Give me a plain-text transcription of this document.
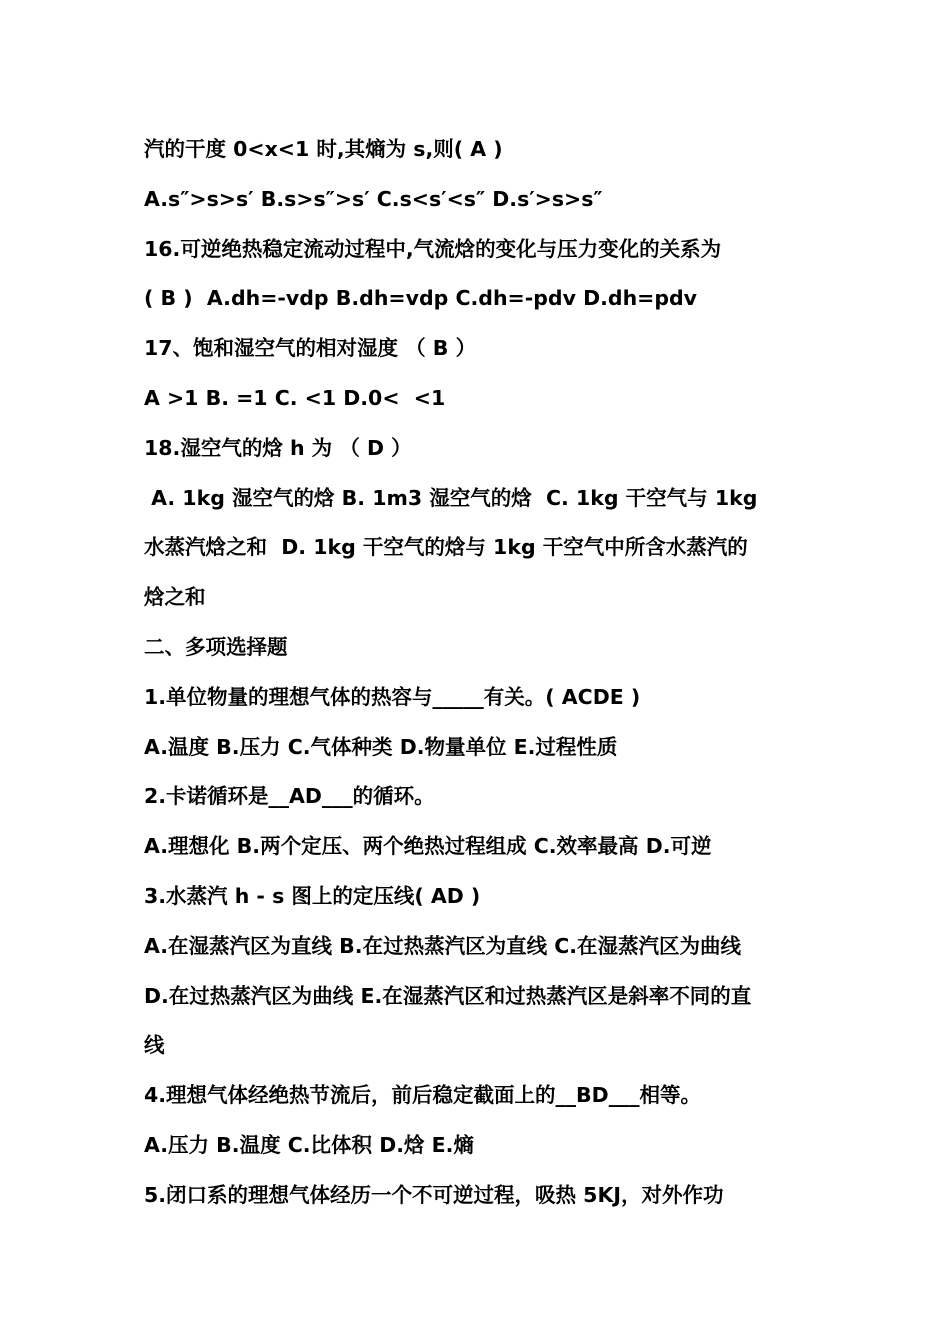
汽的干度 0<x<1 时,其熵为 s,则( A )
A.s″>s>s′ B.s>s″>s′ C.s<s′<s″ D.s′>s>s″
16.可逆绝热稳定流动过程中,气流焓的变化与压力变化的关系为
( B )  A.dh=-vdp B.dh=vdp C.dh=-pdv D.dh=pdv
17、饱和湿空气的相对湿度 （ B ）
A >1 B. =1 C. <1 D.0<  <1
18.湿空气的焓 h 为 （ D ）
A. 1kg 湿空气的焓 B. 1m3 湿空气的焓  C. 1kg 干空气与 1kg
水蒸汽焓之和  D. 1kg 干空气的焓与 1kg 干空气中所含水蒸汽的
焓之和
二、多项选择题
1.单位物量的理想气体的热容与_____有关。( ACDE )
A.温度 B.压力 C.气体种类 D.物量单位 E.过程性质
2.卡诺循环是__AD___的循环。
A.理想化 B.两个定压、两个绝热过程组成 C.效率最高 D.可逆
3.水蒸汽 h - s 图上的定压线( AD )
A.在湿蒸汽区为直线 B.在过热蒸汽区为直线 C.在湿蒸汽区为曲线
D.在过热蒸汽区为曲线 E.在湿蒸汽区和过热蒸汽区是斜率不同的直
线
4.理想气体经绝热节流后，前后稳定截面上的__BD___相等。
A.压力 B.温度 C.比体积 D.焓 E.熵
5.闭口系的理想气体经历一个不可逆过程，吸热 5KJ，对外作功
